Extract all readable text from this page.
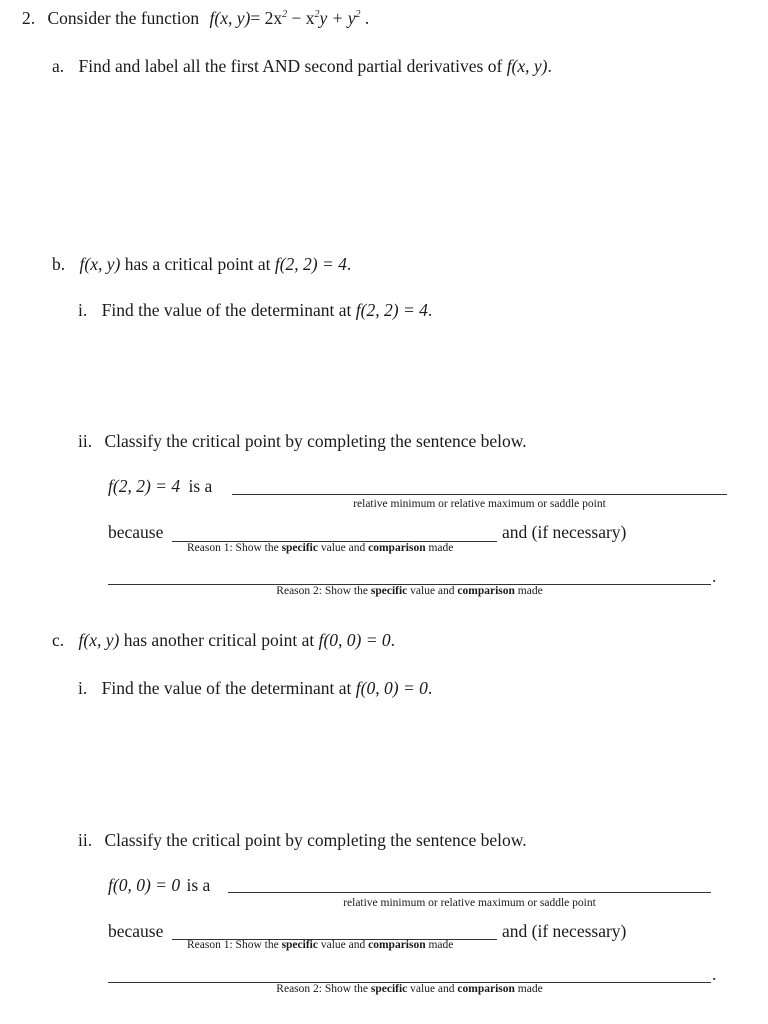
2. Consider the function f(x, $y)= 2x^2 - x^2y + y^2$ .
a. Find and label all the first AND second partial derivatives of f(x, y).
b. f(x, y) has a critical point at f(2, 2) = 4.
i. Find the value of the determinant at f(2, 2) = 4.
ii. Classify the critical point by completing the sentence below.
f(2, 2) = 4 is a
relative minimum or relative maximum or saddle point
because
Reason 1: Show the specific value and comparison made
and (if necessary)
.
Reason 2: Show the specific value and comparison made
c. f(x, y) has another critical point at f(0, 0) = 0.
i. Find the value of the determinant at f(0, 0) = 0.
ii. Classify the critical point by completing the sentence below.
f(0, 0) = 0 is a
relative minimum or relative maximum or saddle point
because
Reason 1: Show the specific value and comparison made
and (if necessary)
.
Reason 2: Show the specific value and comparison made
